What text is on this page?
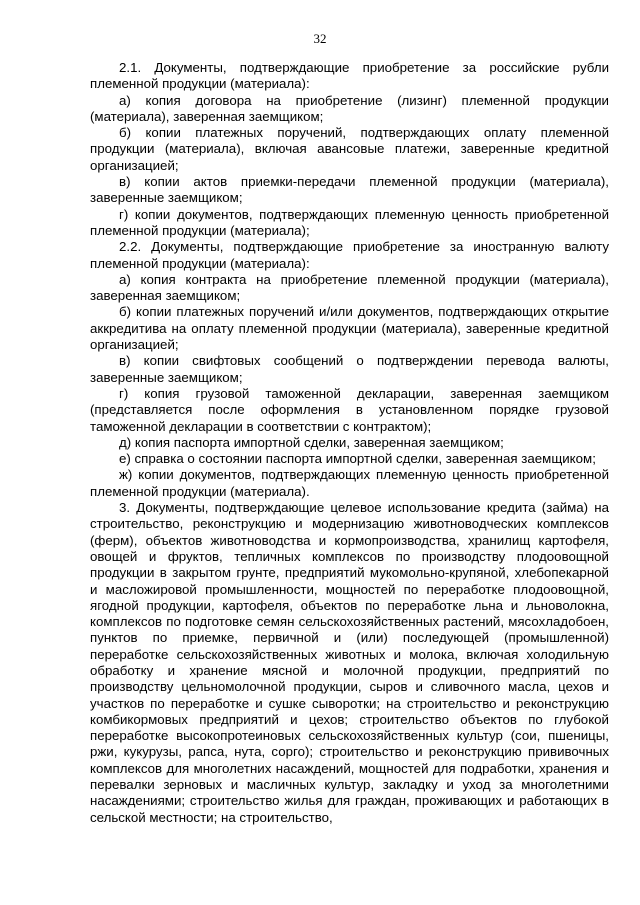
32

2.1. Документы, подтверждающие приобретение за российские рубли племенной продукции (материала):

а) копия договора на приобретение (лизинг) племенной продукции (материала), заверенная заемщиком;

б) копии платежных поручений, подтверждающих оплату племенной продукции (материала), включая авансовые платежи, заверенные кредитной организацией;

в) копии актов приемки-передачи племенной продукции (материала), заверенные заемщиком;

г) копии документов, подтверждающих племенную ценность приобретенной племенной продукции (материала);

2.2. Документы, подтверждающие приобретение за иностранную валюту племенной продукции (материала):

а) копия контракта на приобретение племенной продукции (материала), заверенная заемщиком;

б) копии платежных поручений и/или документов, подтверждающих открытие аккредитива на оплату племенной продукции (материала), заверенные кредитной организацией;

в) копии свифтовых сообщений о подтверждении перевода валюты, заверенные заемщиком;

г) копия грузовой таможенной декларации, заверенная заемщиком (представляется после оформления в установленном порядке грузовой таможенной декларации в соответствии с контрактом);

д) копия паспорта импортной сделки, заверенная заемщиком;

е) справка о состоянии паспорта импортной сделки, заверенная заемщиком;

ж) копии документов, подтверждающих племенную ценность приобретенной племенной продукции (материала).

3. Документы, подтверждающие целевое использование кредита (займа) на строительство, реконструкцию и модернизацию животноводческих комплексов (ферм), объектов животноводства и кормопроизводства, хранилищ картофеля, овощей и фруктов, тепличных комплексов по производству плодоовощной продукции в закрытом грунте, предприятий мукомольно-крупяной, хлебопекарной и масложировой промышленности, мощностей по переработке плодоовощной, ягодной продукции, картофеля, объектов по переработке льна и льноволокна, комплексов по подготовке семян сельскохозяйственных растений, мясохладобоен, пунктов по приемке, первичной и (или) последующей (промышленной) переработке сельскохозяйственных животных и молока, включая холодильную обработку и хранение мясной и молочной продукции, предприятий по производству цельномолочной продукции, сыров и сливочного масла, цехов и участков по переработке и сушке сыворотки; на строительство и реконструкцию комбикормовых предприятий и цехов; строительство объектов по глубокой переработке высокопротеиновых сельскохозяйственных культур (сои, пшеницы, ржи, кукурузы, рапса, нута, сорго); строительство и реконструкцию прививочных комплексов для многолетних насаждений, мощностей для подработки, хранения и перевалки зерновых и масличных культур, закладку и уход за многолетними насаждениями; строительство жилья для граждан, проживающих и работающих в сельской местности; на строительство,
